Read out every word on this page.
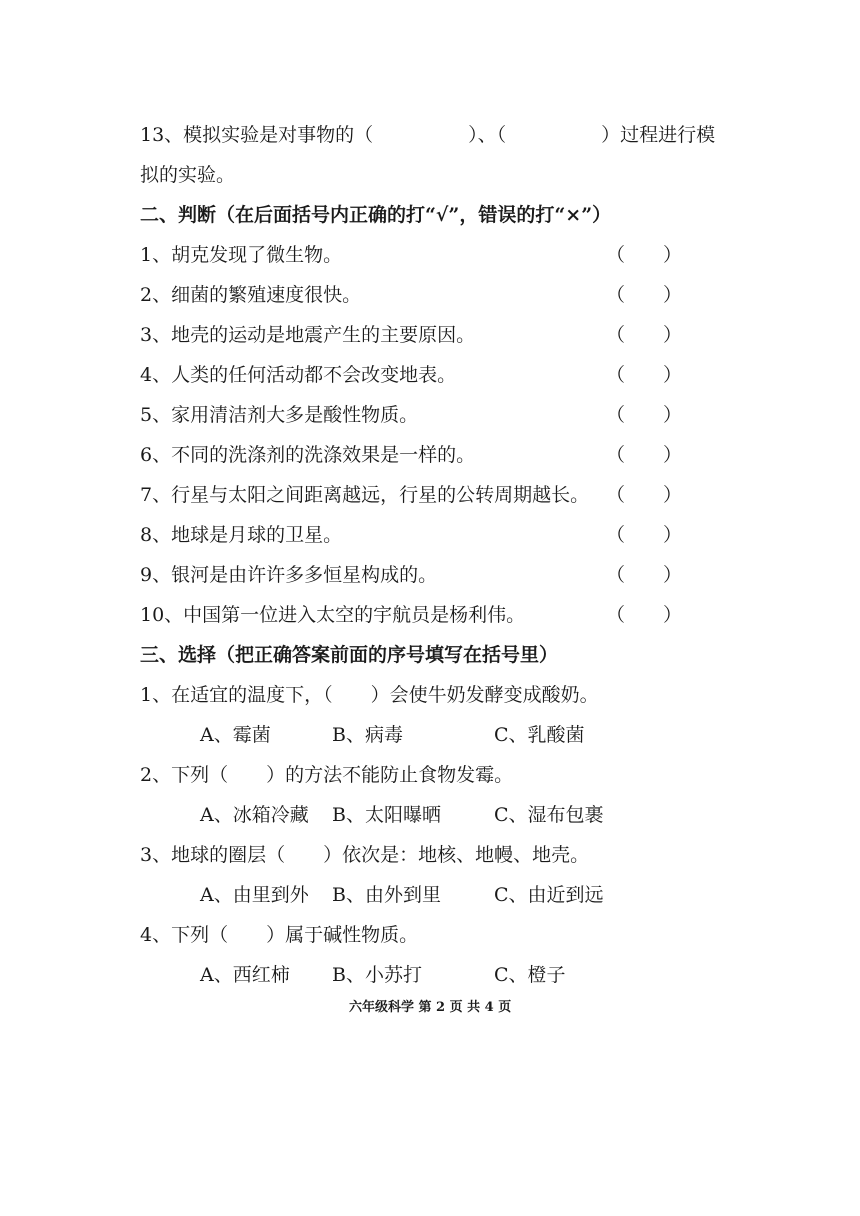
13、模拟实验是对事物的（　　　　　）、（　　　　　）过程进行模
拟的实验。
二、判断（在后面括号内正确的打“√”，错误的打“×”）
1、胡克发现了微生物。	（　　）
2、细菌的繁殖速度很快。	（　　）
3、地壳的运动是地震产生的主要原因。	（　　）
4、人类的任何活动都不会改变地表。	（　　）
5、家用清洁剂大多是酸性物质。	（　　）
6、不同的洗涤剂的洗涤效果是一样的。	（　　）
7、行星与太阳之间距离越远，行星的公转周期越长。 （　　）
8、地球是月球的卫星。	（　　）
9、银河是由许许多多恒星构成的。	（　　）
10、中国第一位进入太空的宇航员是杨利伟。	（　　）
三、选择（把正确答案前面的序号填写在括号里）
1、在适宜的温度下，（　　）会使牛奶发酵变成酸奶。
A、霉菌	B、病毒	C、乳酸菌
2、下列（　　）的方法不能防止食物发霉。
A、冰箱冷藏 B、太阳曝晒	C、湿布包裹
3、地球的圈层（　　）依次是：地核、地幔、地壳。
A、由里到外 B、由外到里	C、由近到远
4、下列（　　）属于碱性物质。
A、西红柿 B、小苏打	C、橙子
六年级科学 第 2 页 共 4 页
